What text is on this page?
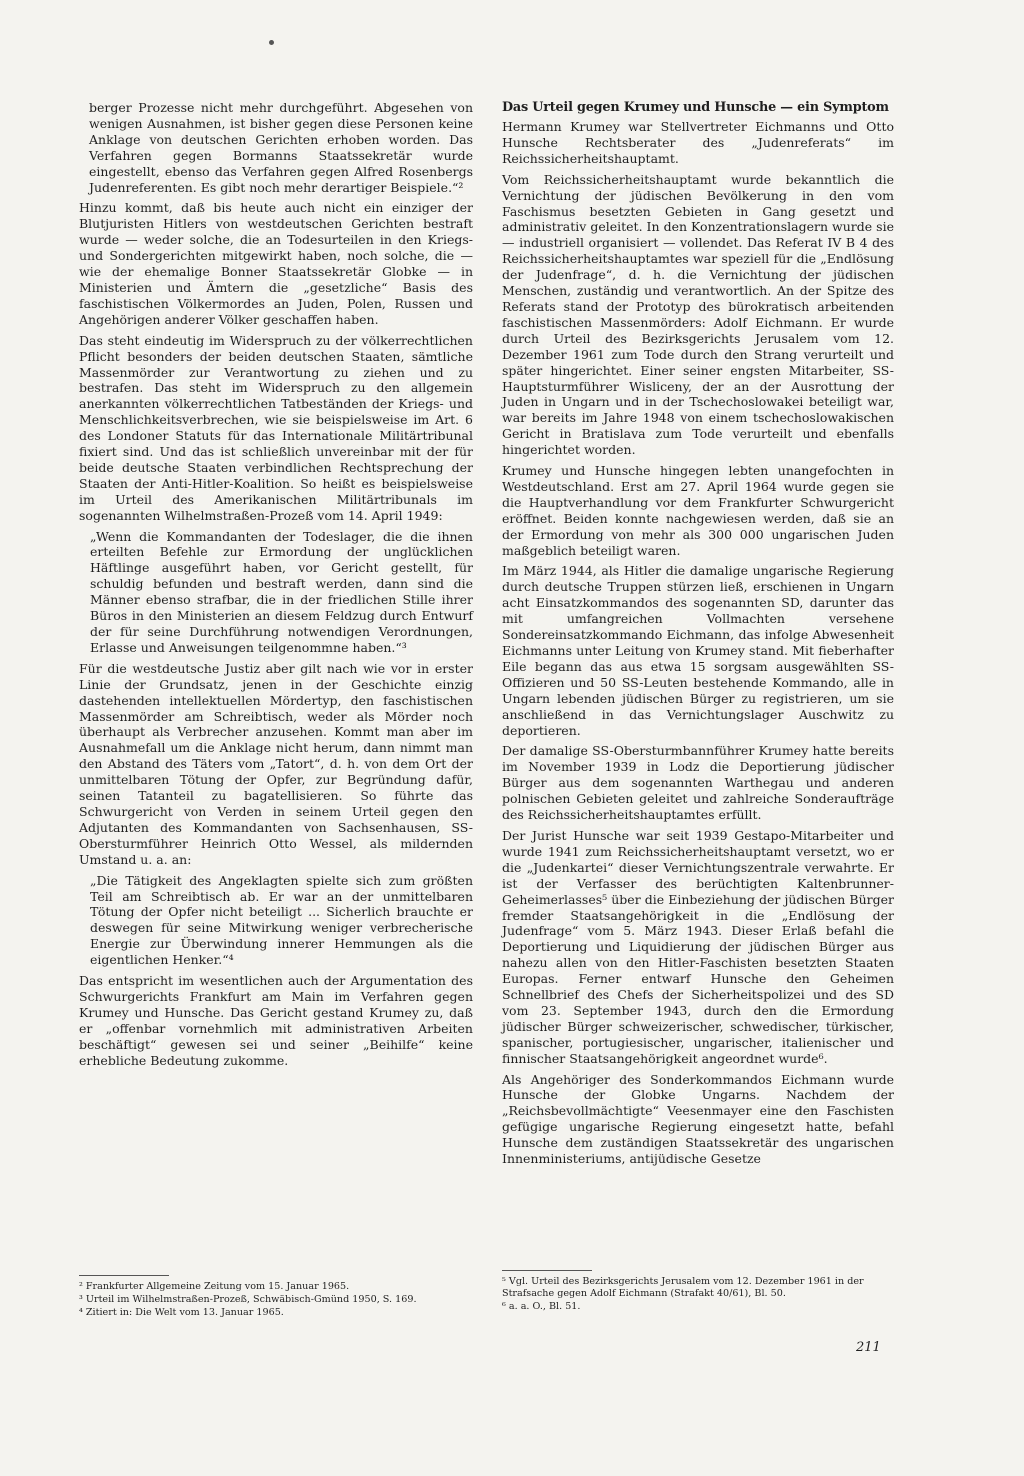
berger Prozesse nicht mehr durchgeführt. Abgesehen von wenigen Ausnahmen, ist bisher gegen diese Personen keine Anklage von deutschen Gerichten erhoben worden. Das Verfahren gegen Bormanns Staatssekretär wurde eingestellt, ebenso das Verfahren gegen Alfred Rosenbergs Judenreferenten. Es gibt noch mehr derartiger Beispiele.“²

Hinzu kommt, daß bis heute auch nicht ein einziger der Blutjuristen Hitlers von westdeutschen Gerichten bestraft wurde — weder solche, die an Todesurteilen in den Kriegs- und Sondergerichten mitgewirkt haben, noch solche, die — wie der ehemalige Bonner Staatssekretär Globke — in Ministerien und Ämtern die „gesetzliche“ Basis des faschistischen Völkermordes an Juden, Polen, Russen und Angehörigen anderer Völker geschaffen haben.

Das steht eindeutig im Widerspruch zu der völkerrechtlichen Pflicht besonders der beiden deutschen Staaten, sämtliche Massenmörder zur Verantwortung zu ziehen und zu bestrafen. Das steht im Widerspruch zu den allgemein anerkannten völkerrechtlichen Tatbeständen der Kriegs- und Menschlichkeitsverbrechen, wie sie beispielsweise im Art. 6 des Londoner Statuts für das Internationale Militärtribunal fixiert sind. Und das ist schließlich unvereinbar mit der für beide deutsche Staaten verbindlichen Rechtsprechung der Staaten der Anti-Hitler-Koalition. So heißt es beispielsweise im Urteil des Amerikanischen Militärtribunals im sogenannten Wilhelmstraßen-Prozeß vom 14. April 1949:

„Wenn die Kommandanten der Todeslager, die die ihnen erteilten Befehle zur Ermordung der unglücklichen Häftlinge ausgeführt haben, vor Gericht gestellt, für schuldig befunden und bestraft werden, dann sind die Männer ebenso strafbar, die in der friedlichen Stille ihrer Büros in den Ministerien an diesem Feldzug durch Entwurf der für seine Durchführung notwendigen Verordnungen, Erlasse und Anweisungen teilgenommne haben.“³

Für die westdeutsche Justiz aber gilt nach wie vor in erster Linie der Grundsatz, jenen in der Geschichte einzig dastehenden intellektuellen Mördertyp, den faschistischen Massenmörder am Schreibtisch, weder als Mörder noch überhaupt als Verbrecher anzusehen. Kommt man aber im Ausnahmefall um die Anklage nicht herum, dann nimmt man den Abstand des Täters vom „Tatort“, d. h. von dem Ort der unmittelbaren Tötung der Opfer, zur Begründung dafür, seinen Tatanteil zu bagatellisieren. So führte das Schwurgericht von Verden in seinem Urteil gegen den Adjutanten des Kommandanten von Sachsenhausen, SS-Obersturmführer Heinrich Otto Wessel, als mildernden Umstand u. a. an:

„Die Tätigkeit des Angeklagten spielte sich zum größten Teil am Schreibtisch ab. Er war an der unmittelbaren Tötung der Opfer nicht beteiligt ... Sicherlich brauchte er deswegen für seine Mitwirkung weniger verbrecherische Energie zur Überwindung innerer Hemmungen als die eigentlichen Henker.“⁴

Das entspricht im wesentlichen auch der Argumentation des Schwurgerichts Frankfurt am Main im Verfahren gegen Krumey und Hunsche. Das Gericht gestand Krumey zu, daß er „offenbar vornehmlich mit administrativen Arbeiten beschäftigt“ gewesen sei und seiner „Beihilfe“ keine erhebliche Bedeutung zukomme.

Das Urteil gegen Krumey und Hunsche — ein Symptom

Hermann Krumey war Stellvertreter Eichmanns und Otto Hunsche Rechtsberater des „Judenreferats“ im Reichssicherheitshauptamt.

Vom Reichssicherheitshauptamt wurde bekanntlich die Vernichtung der jüdischen Bevölkerung in den vom Faschismus besetzten Gebieten in Gang gesetzt und administrativ geleitet. In den Konzentrationslagern wurde sie — industriell organisiert — vollendet. Das Referat IV B 4 des Reichssicherheitshauptamtes war speziell für die „Endlösung der Judenfrage“, d. h. die Vernichtung der jüdischen Menschen, zuständig und verantwortlich. An der Spitze des Referats stand der Prototyp des bürokratisch arbeitenden faschistischen Massenmörders: Adolf Eichmann. Er wurde durch Urteil des Bezirksgerichts Jerusalem vom 12. Dezember 1961 zum Tode durch den Strang verurteilt und später hingerichtet. Einer seiner engsten Mitarbeiter, SS-Hauptsturmführer Wisliceny, der an der Ausrottung der Juden in Ungarn und in der Tschechoslowakei beteiligt war, war bereits im Jahre 1948 von einem tschechoslowakischen Gericht in Bratislava zum Tode verurteilt und ebenfalls hingerichtet worden.

Krumey und Hunsche hingegen lebten unangefochten in Westdeutschland. Erst am 27. April 1964 wurde gegen sie die Hauptverhandlung vor dem Frankfurter Schwurgericht eröffnet. Beiden konnte nachgewiesen werden, daß sie an der Ermordung von mehr als 300 000 ungarischen Juden maßgeblich beteiligt waren.

Im März 1944, als Hitler die damalige ungarische Regierung durch deutsche Truppen stürzen ließ, erschienen in Ungarn acht Einsatzkommandos des sogenannten SD, darunter das mit umfangreichen Vollmachten versehene Sondereinsatzkommando Eichmann, das infolge Abwesenheit Eichmanns unter Leitung von Krumey stand. Mit fieberhafter Eile begann das aus etwa 15 sorgsam ausgewählten SS-Offizieren und 50 SS-Leuten bestehende Kommando, alle in Ungarn lebenden jüdischen Bürger zu registrieren, um sie anschließend in das Vernichtungslager Auschwitz zu deportieren.

Der damalige SS-Obersturmbannführer Krumey hatte bereits im November 1939 in Lodz die Deportierung jüdischer Bürger aus dem sogenannten Warthegau und anderen polnischen Gebieten geleitet und zahlreiche Sonderaufträge des Reichssicherheitshauptamtes erfüllt.

Der Jurist Hunsche war seit 1939 Gestapo-Mitarbeiter und wurde 1941 zum Reichssicherheitshauptamt versetzt, wo er die „Judenkartei“ dieser Vernichtungszentrale verwahrte. Er ist der Verfasser des berüchtigten Kaltenbrunner-Geheimerlasses⁵ über die Einbeziehung der jüdischen Bürger fremder Staatsangehörigkeit in die „Endlösung der Judenfrage“ vom 5. März 1943. Dieser Erlaß befahl die Deportierung und Liquidierung der jüdischen Bürger aus nahezu allen von den Hitler-Faschisten besetzten Staaten Europas. Ferner entwarf Hunsche den Geheimen Schnellbrief des Chefs der Sicherheitspolizei und des SD vom 23. September 1943, durch den die Ermordung jüdischer Bürger schweizerischer, schwedischer, türkischer, spanischer, portugiesischer, ungarischer, italienischer und finnischer Staatsangehörigkeit angeordnet wurde⁶.

Als Angehöriger des Sonderkommandos Eichmann wurde Hunsche der Globke Ungarns. Nachdem der „Reichsbevollmächtigte“ Veesenmayer eine den Faschisten gefügige ungarische Regierung eingesetzt hatte, befahl Hunsche dem zuständigen Staatssekretär des ungarischen Innenministeriums, antijüdische Gesetze

² Frankfurter Allgemeine Zeitung vom 15. Januar 1965.

³ Urteil im Wilhelmstraßen-Prozeß, Schwäbisch-Gmünd 1950, S. 169.

⁴ Zitiert in: Die Welt vom 13. Januar 1965.

⁵ Vgl. Urteil des Bezirksgerichts Jerusalem vom 12. Dezember 1961 in der Strafsache gegen Adolf Eichmann (Strafakt 40/61), Bl. 50.

⁶ a. a. O., Bl. 51.

211
